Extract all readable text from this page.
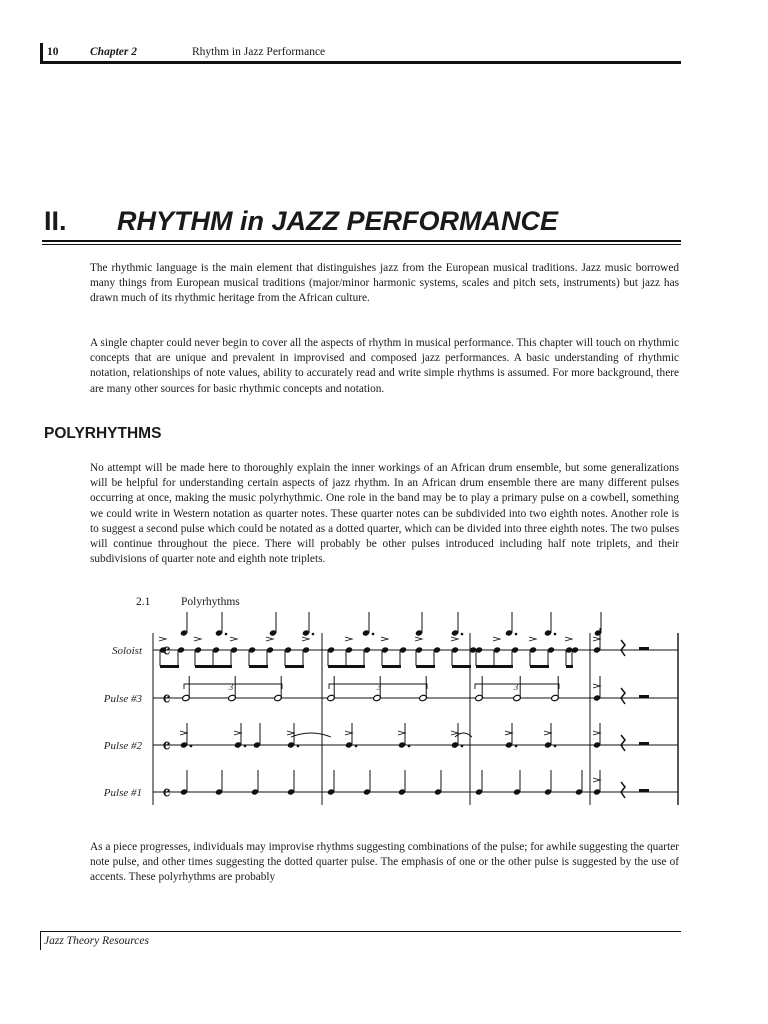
10	Chapter 2	Rhythm in Jazz Performance
II. RHYTHM in JAZZ PERFORMANCE
The rhythmic language is the main element that distinguishes jazz from the European musical traditions. Jazz music borrowed many things from European musical traditions (major/minor harmonic systems, scales and pitch sets, instruments) but jazz has drawn much of its rhythmic heritage from the African culture.
A single chapter could never begin to cover all the aspects of rhythm in musical performance. This chapter will touch on rhythmic concepts that are unique and prevalent in improvised and composed jazz performances. A basic understanding of rhythmic notation, relationships of note values, ability to accurately read and write simple rhythms is assumed. For more background, there are many other sources for basic rhythmic concepts and notation.
POLYRHYTHMS
No attempt will be made here to thoroughly explain the inner workings of an African drum ensemble, but some generalizations will be helpful for understanding certain aspects of jazz rhythm. In an African drum ensemble there are many different pulses occurring at once, making the music polyrhythmic. One role in the band may be to play a primary pulse on a cowbell, something we could write in Western notation as quarter notes. These quarter notes can be subdivided into two eighth notes. Another role is to suggest a second pulse which could be notated as a dotted quarter, which can be divided into three eighth notes. The two pulses will continue throughout the piece. There will probably be other pulses introduced including half note triplets, and their subdivisions of quarter note and eighth note triplets.
2.1	Polyrhythms
Soloist
Pulse #3
Pulse #2
Pulse #1
𝄴
𝄴
𝄴
𝄴
3	3	3
As a piece progresses, individuals may improvise rhythms suggesting combinations of the pulse; for awhile suggesting the quarter note pulse, and other times suggesting the dotted quarter pulse. The emphasis of one or the other pulse is suggested by the use of accents. These polyrhythms are probably
Jazz Theory Resources
